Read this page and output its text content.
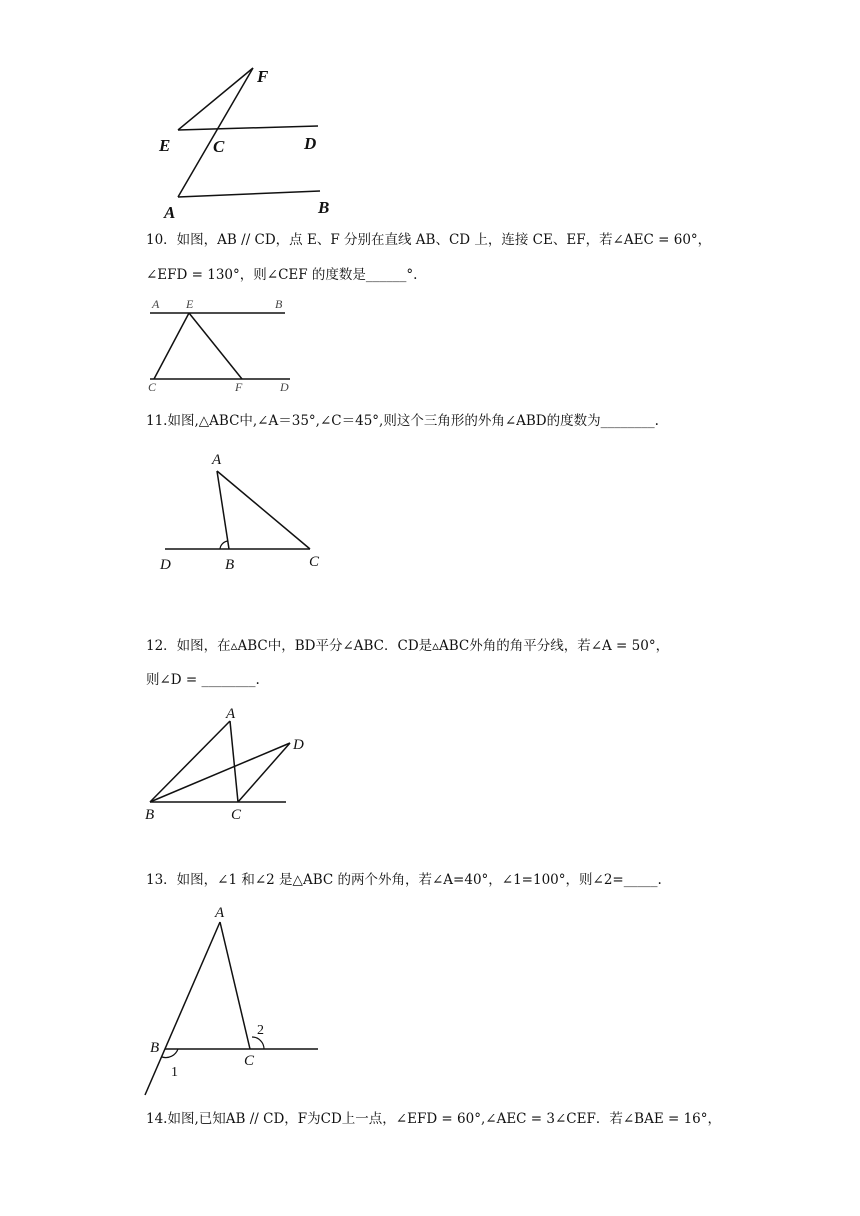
F
E	C	D
A	B
10．如图，AB // CD，点 E、F 分别在直线 AB、CD 上，连接 CE、EF，若∠AEC = 60°，
∠EFD = 130°，则∠CEF 的度数是______°.
A E	B
C	F	D
11.如图,△ABC中,∠A＝35°,∠C＝45°,则这个三角形的外角∠ABD的度数为________.
A
D	B	C
12．如图，在▵ABC中，BD平分∠ABC．CD是▵ABC外角的角平分线，若∠A = 50°，
则∠D = ________.
A
D
B	C
13．如图，∠1 和∠2 是△ABC 的两个外角，若∠A=40°，∠1=100°，则∠2=_____.
A
B
C
1
2
14.如图,已知AB // CD，F为CD上一点，∠EFD = 60°,∠AEC = 3∠CEF．若∠BAE = 16°，
